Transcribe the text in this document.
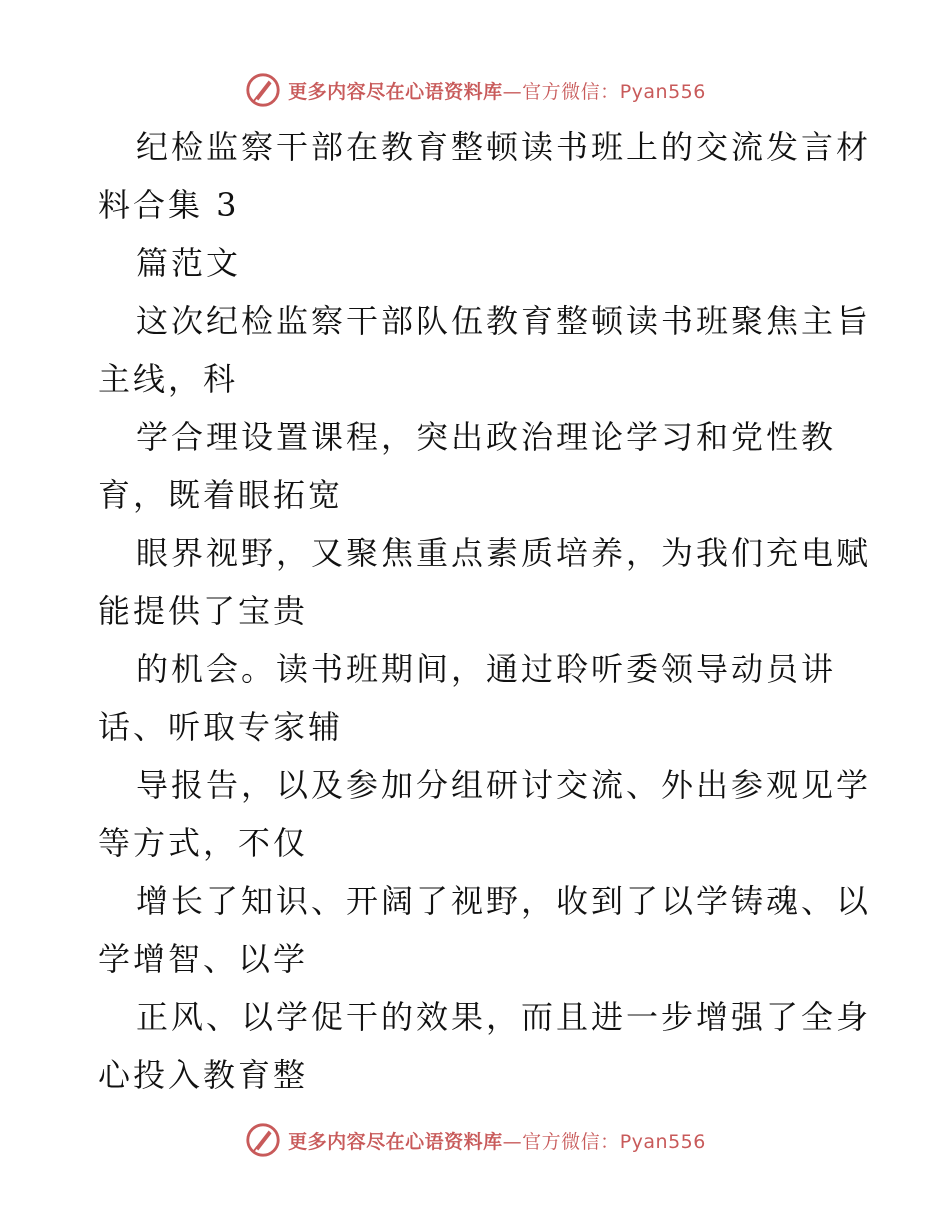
更多内容尽在心语资料库—官方微信：Pyan556
纪检监察干部在教育整顿读书班上的交流发言材
料合集 3
篇范文
这次纪检监察干部队伍教育整顿读书班聚焦主旨
主线，科
学合理设置课程，突出政治理论学习和党性教
育，既着眼拓宽
眼界视野，又聚焦重点素质培养，为我们充电赋
能提供了宝贵
的机会。读书班期间，通过聆听委领导动员讲
话、听取专家辅
导报告，以及参加分组研讨交流、外出参观见学
等方式，不仅
增长了知识、开阔了视野，收到了以学铸魂、以
学增智、以学
正风、以学促干的效果，而且进一步增强了全身
心投入教育整
更多内容尽在心语资料库—官方微信：Pyan556
